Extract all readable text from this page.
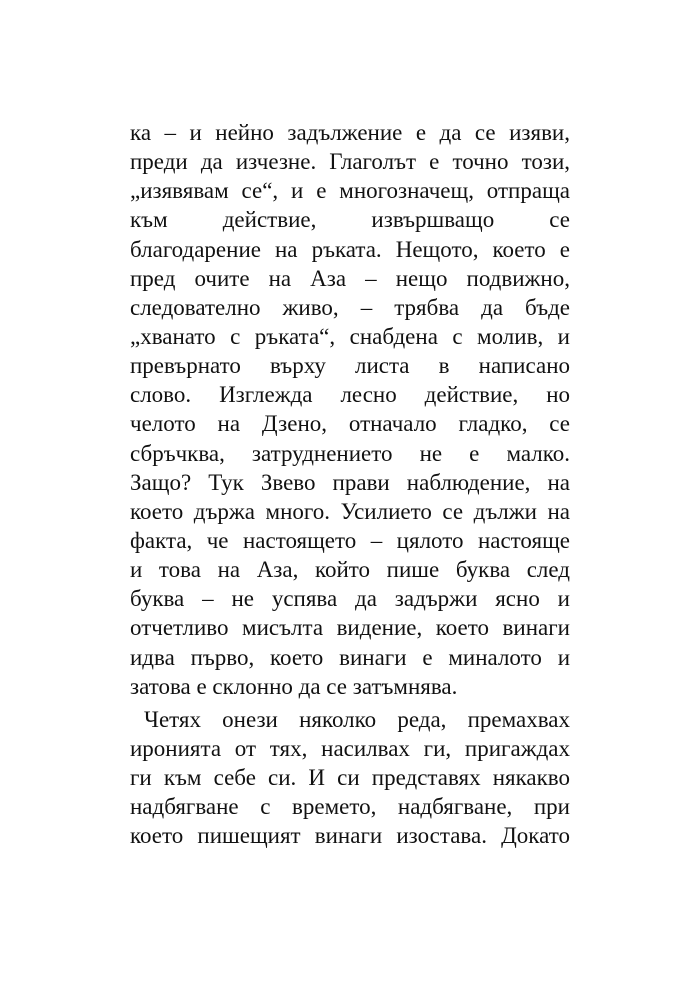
ка – и нейно задължение е да се изяви,
преди да изчезне. Глаголът е точно този,
„изявявам се“, и е многозначещ, отпраща
към действие, извършващо се
благодарение на ръката. Нещото, което е
пред очите на Аза – нещо подвижно,
следователно живо, – трябва да бъде
„хванато с ръката“, снабдена с молив, и
превърнато върху листа в написано
слово. Изглежда лесно действие, но
челото на Дзено, отначало гладко, се
сбръчква, затруднението не е малко.
Защо? Тук Звево прави наблюдение, на
което държа много. Усилието се дължи на
факта, че настоящето – цялото настояще
и това на Аза, който пише буква след
буква – не успява да задържи ясно и
отчетливо мисълта видение, което винаги
идва първо, което винаги е миналото и
затова е склонно да се затъмнява.
Четях онези няколко реда, премахвах
иронията от тях, насилвах ги, пригаждах
ги към себе си. И си представях някакво
надбягване с времето, надбягване, при
което пишещият винаги изостава. Докато
